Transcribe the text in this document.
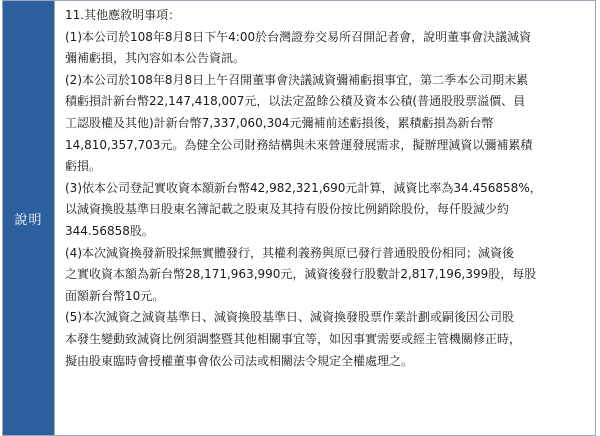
說明	
11.其他應敘明事項：
(1)本公司於108年8月8日下午4:00於台灣證券交易所召開記者會，說明董事會決議減資
彌補虧損，其內容如本公告資訊。
(2)本公司於108年8月8日上午召開董事會決議減資彌補虧損事宜，第二季本公司期末累
積虧損計新台幣22,147,418,007元，以法定盈餘公積及資本公積(普通股股票溢價、員
工認股權及其他)計新台幣7,337,060,304元彌補前述虧損後，累積虧損為新台幣
14,810,357,703元。為健全公司財務結構與未來營運發展需求，擬辦理減資以彌補累積
虧損。
(3)依本公司登記實收資本額新台幣42,982,321,690元計算，減資比率為34.456858%，
以減資換股基準日股東名簿記載之股東及其持有股份按比例銷除股份，每仟股減少約
344.56858股。
(4)本次減資換發新股採無實體發行，其權利義務與原已發行普通股股份相同；減資後
之實收資本額為新台幣28,171,963,990元，減資後發行股數計2,817,196,399股，每股
面額新台幣10元。
(5)本次減資之減資基準日、減資換股基準日、減資換發股票作業計劃或嗣後因公司股
本發生變動致減資比例須調整暨其他相關事宜等，如因事實需要或經主管機關修正時，
擬由股東臨時會授權董事會依公司法或相關法令規定全權處理之。
